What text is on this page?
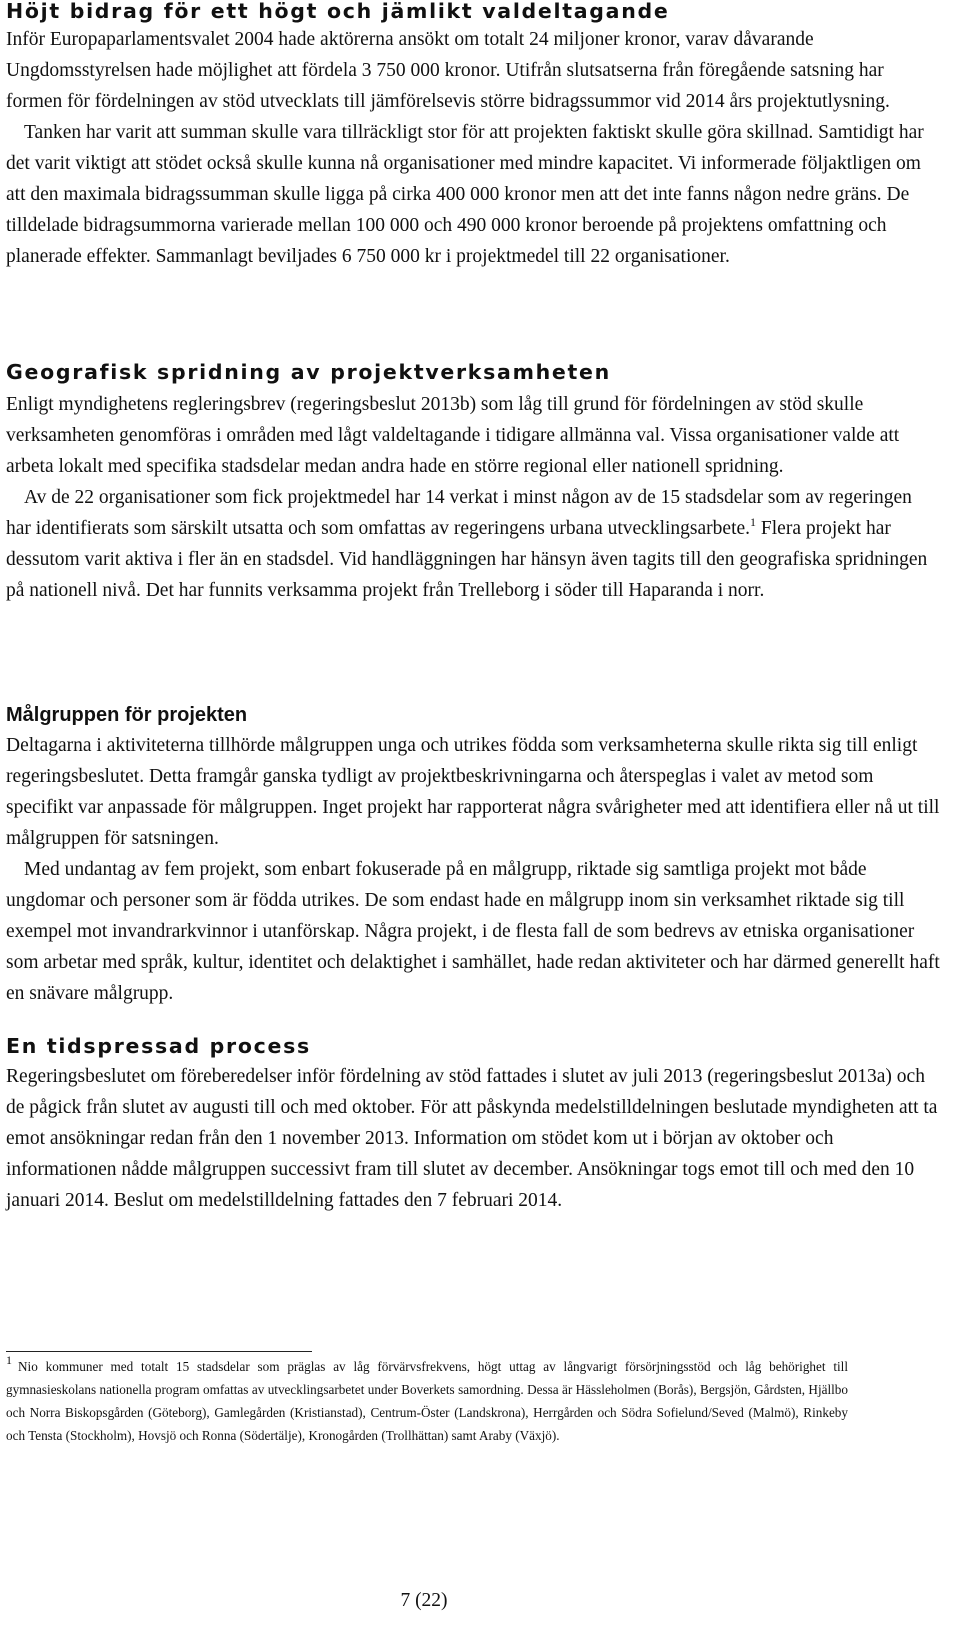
Höjt bidrag för ett högt och jämlikt valdeltagande

Inför Europaparlamentsvalet 2004 hade aktörerna ansökt om totalt 24 miljoner kronor, varav dåvarande Ungdomsstyrelsen hade möjlighet att fördela 3 750 000 kronor. Utifrån slutsatserna från föregående satsning har formen för fördelningen av stöd utvecklats till jämförelsevis större bidragssummor vid 2014 års projektutlysning.

Tanken har varit att summan skulle vara tillräckligt stor för att projekten faktiskt skulle göra skillnad. Samtidigt har det varit viktigt att stödet också skulle kunna nå organisationer med mindre kapacitet. Vi informerade följaktligen om att den maximala bidragssumman skulle ligga på cirka 400 000 kronor men att det inte fanns någon nedre gräns. De tilldelade bidragsummorna varierade mellan 100 000 och 490 000 kronor beroende på projektens omfattning och planerade effekter. Sammanlagt beviljades 6 750 000 kr i projektmedel till 22 organisationer.

Geografisk spridning av projektverksamheten

Enligt myndighetens regleringsbrev (regeringsbeslut 2013b) som låg till grund för fördelningen av stöd skulle verksamheten genomföras i områden med lågt valdeltagande i tidigare allmänna val. Vissa organisationer valde att arbeta lokalt med specifika stadsdelar medan andra hade en större regional eller nationell spridning.

Av de 22 organisationer som fick projektmedel har 14 verkat i minst någon av de 15 stadsdelar som av regeringen har identifierats som särskilt utsatta och som omfattas av regeringens urbana utvecklingsarbete.$^1$ Flera projekt har dessutom varit aktiva i fler än en stadsdel. Vid handläggningen har hänsyn även tagits till den geografiska spridningen på nationell nivå. Det har funnits verksamma projekt från Trelleborg i söder till Haparanda i norr.

Målgruppen för projekten

Deltagarna i aktiviteterna tillhörde målgruppen unga och utrikes födda som verksamheterna skulle rikta sig till enligt regeringsbeslutet. Detta framgår ganska tydligt av projektbeskrivningarna och återspeglas i valet av metod som specifikt var anpassade för målgruppen. Inget projekt har rapporterat några svårigheter med att identifiera eller nå ut till målgruppen för satsningen.

Med undantag av fem projekt, som enbart fokuserade på en målgrupp, riktade sig samtliga projekt mot både ungdomar och personer som är födda utrikes. De som endast hade en målgrupp inom sin verksamhet riktade sig till exempel mot invandrarkvinnor i utanförskap. Några projekt, i de flesta fall de som bedrevs av etniska organisationer som arbetar med språk, kultur, identitet och delaktighet i samhället, hade redan aktiviteter och har därmed generellt haft en snävare målgrupp.

En tidspressad process

Regeringsbeslutet om föreberedelser inför fördelning av stöd fattades i slutet av juli 2013 (regeringsbeslut 2013a) och de pågick från slutet av augusti till och med oktober. För att påskynda medelstilldelningen beslutade myndigheten att ta emot ansökningar redan från den 1 november 2013. Information om stödet kom ut i början av oktober och informationen nådde målgruppen successivt fram till slutet av december. Ansökningar togs emot till och med den 10 januari 2014. Beslut om medelstilldelning fattades den 7 februari 2014.

1 Nio kommuner med totalt 15 stadsdelar som präglas av låg förvärvsfrekvens, högt uttag av långvarigt försörjningsstöd och låg behörighet till gymnasieskolans nationella program omfattas av utvecklingsarbetet under Boverkets samordning. Dessa är Hässleholmen (Borås), Bergsjön, Gårdsten, Hjällbo och Norra Biskopsgården (Göteborg), Gamlegården (Kristianstad), Centrum-Öster (Landskrona), Herrgården och Södra Sofielund/Seved (Malmö), Rinkeby och Tensta (Stockholm), Hovsjö och Ronna (Södertälje), Kronogården (Trollhättan) samt Araby (Växjö).
7 (22)
